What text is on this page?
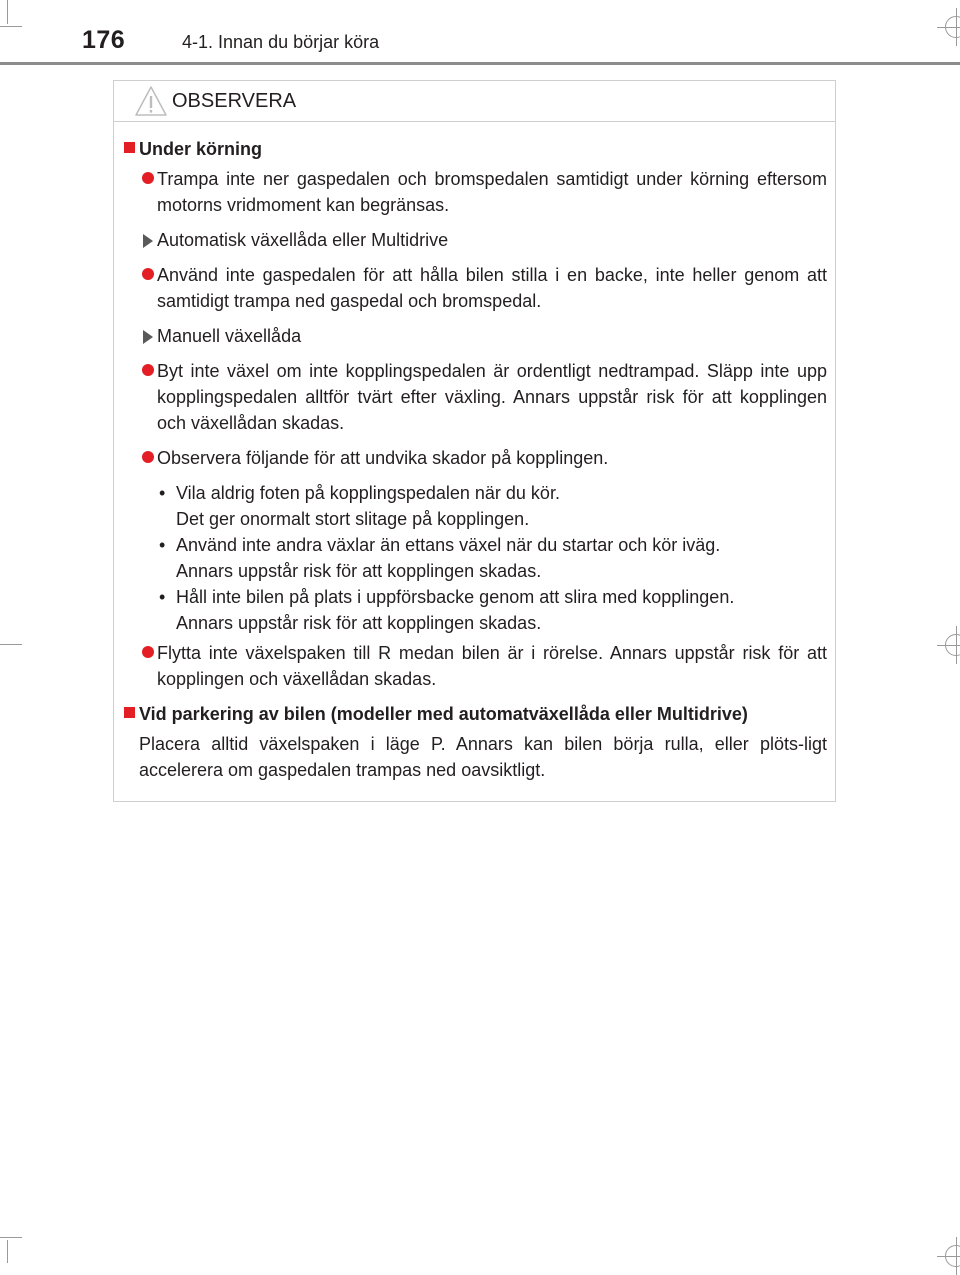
176	4-1. Innan du börjar köra
OBSERVERA
Under körning
Trampa inte ner gaspedalen och bromspedalen samtidigt under körning eftersom motorns vridmoment kan begränsas.
Automatisk växellåda eller Multidrive
Använd inte gaspedalen för att hålla bilen stilla i en backe, inte heller genom att samtidigt trampa ned gaspedal och bromspedal.
Manuell växellåda
Byt inte växel om inte kopplingspedalen är ordentligt nedtrampad. Släpp inte upp kopplingspedalen alltför tvärt efter växling. Annars uppstår risk för att kopplingen och växellådan skadas.
Observera följande för att undvika skador på kopplingen.
• Vila aldrig foten på kopplingspedalen när du kör.
Det ger onormalt stort slitage på kopplingen.
• Använd inte andra växlar än ettans växel när du startar och kör iväg.
Annars uppstår risk för att kopplingen skadas.
• Håll inte bilen på plats i uppförsbacke genom att slira med kopplingen.
Annars uppstår risk för att kopplingen skadas.
Flytta inte växelspaken till R medan bilen är i rörelse. Annars uppstår risk för att kopplingen och växellådan skadas.
Vid parkering av bilen (modeller med automatväxellåda eller Multidrive)
Placera alltid växelspaken i läge P. Annars kan bilen börja rulla, eller plöts-ligt accelerera om gaspedalen trampas ned oavsiktligt.
